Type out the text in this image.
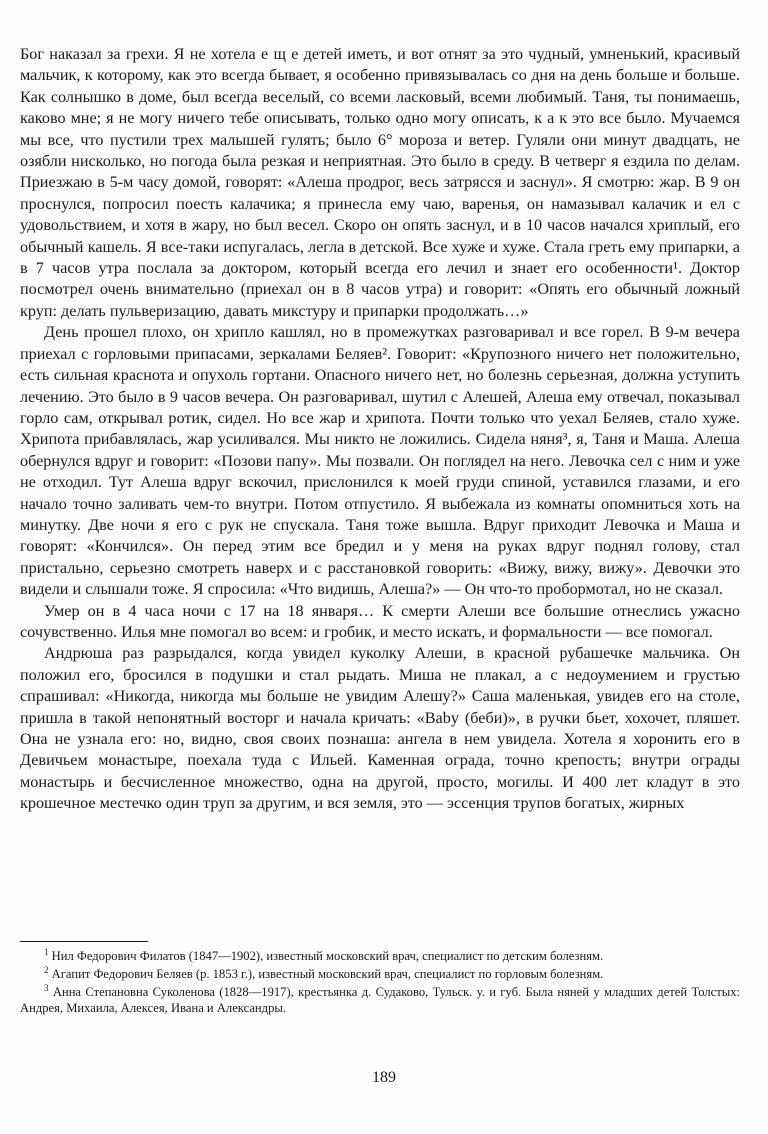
Бог наказал за грехи. Я не хотела е щ е детей иметь, и вот отнят за это чудный, умненький, красивый мальчик, к которому, как это всегда бывает, я особенно привязывалась со дня на день больше и больше. Как солнышко в доме, был всегда веселый, со всеми ласковый, всеми любимый. Таня, ты понимаешь, каково мне; я не могу ничего тебе описывать, только одно могу описать, к а к это все было. Мучаемся мы все, что пустили трех малышей гулять; было 6° мороза и ветер. Гуляли они минут двадцать, не озябли нисколько, но погода была резкая и неприятная. Это было в среду. В четверг я ездила по делам. Приезжаю в 5-м часу домой, говорят: «Алеша продрог, весь затрясся и заснул». Я смотрю: жар. В 9 он проснулся, попросил поесть калачика; я принесла ему чаю, варенья, он намазывал калачик и ел с удовольствием, и хотя в жару, но был весел. Скоро он опять заснул, и в 10 часов начался хриплый, его обычный кашель. Я все-таки испугалась, легла в детской. Все хуже и хуже. Стала греть ему припарки, а в 7 часов утра послала за доктором, который всегда его лечил и знает его особенности¹. Доктор посмотрел очень внимательно (приехал он в 8 часов утра) и говорит: «Опять его обычный ложный круп: делать пульверизацию, давать микстуру и припарки продолжать…»

День прошел плохо, он хрипло кашлял, но в промежутках разговаривал и все горел. В 9-м вечера приехал с горловыми припасами, зеркалами Беляев². Говорит: «Крупозного ничего нет положительно, есть сильная краснота и опухоль гортани. Опасного ничего нет, но болезнь серьезная, должна уступить лечению. Это было в 9 часов вечера. Он разговаривал, шутил с Алешей, Алеша ему отвечал, показывал горло сам, открывал ротик, сидел. Но все жар и хрипота. Почти только что уехал Беляев, стало хуже. Хрипота прибавлялась, жар усиливался. Мы никто не ложились. Сидела няня³, я, Таня и Маша. Алеша обернулся вдруг и говорит: «Позови папу». Мы позвали. Он поглядел на него. Левочка сел с ним и уже не отходил. Тут Алеша вдруг вскочил, прислонился к моей груди спиной, уставился глазами, и его начало точно заливать чем-то внутри. Потом отпустило. Я выбежала из комнаты опомниться хоть на минутку. Две ночи я его с рук не спускала. Таня тоже вышла. Вдруг приходит Левочка и Маша и говорят: «Кончился». Он перед этим все бредил и у меня на руках вдруг поднял голову, стал пристально, серьезно смотреть наверх и с расстановкой говорить: «Вижу, вижу, вижу». Девочки это видели и слышали тоже. Я спросила: «Что видишь, Алеша?» — Он что-то пробормотал, но не сказал.

Умер он в 4 часа ночи с 17 на 18 января… К смерти Алеши все большие отнеслись ужасно сочувственно. Илья мне помогал во всем: и гробик, и место искать, и формальности — все помогал.

Андрюша раз разрыдался, когда увидел куколку Алеши, в красной рубашечке мальчика. Он положил его, бросился в подушки и стал рыдать. Миша не плакал, а с недоумением и грустью спрашивал: «Никогда, никогда мы больше не увидим Алешу?» Саша маленькая, увидев его на столе, пришла в такой непонятный восторг и начала кричать: «Baby (беби)», в ручки бьет, хохочет, пляшет. Она не узнала его: но, видно, своя своих познаша: ангела в нем увидела. Хотела я хоронить его в Девичьем монастыре, поехала туда с Ильей. Каменная ограда, точно крепость; внутри ограды монастырь и бесчисленное множество, одна на другой, просто, могилы. И 400 лет кладут в это крошечное местечко один труп за другим, и вся земля, это — эссенция трупов богатых, жирных

$^1$ Нил Федорович Филатов (1847—1902), известный московский врач, специалист по детским болезням.

$^2$ Агапит Федорович Беляев (р. 1853 г.), известный московский врач, специалист по горловым болезням.

$^3$ Анна Степановна Суколенова (1828—1917), крестьянка д. Судаково, Тульск. у. и губ. Была няней у младших детей Толстых: Андрея, Михаила, Алексея, Ивана и Александры.

189
